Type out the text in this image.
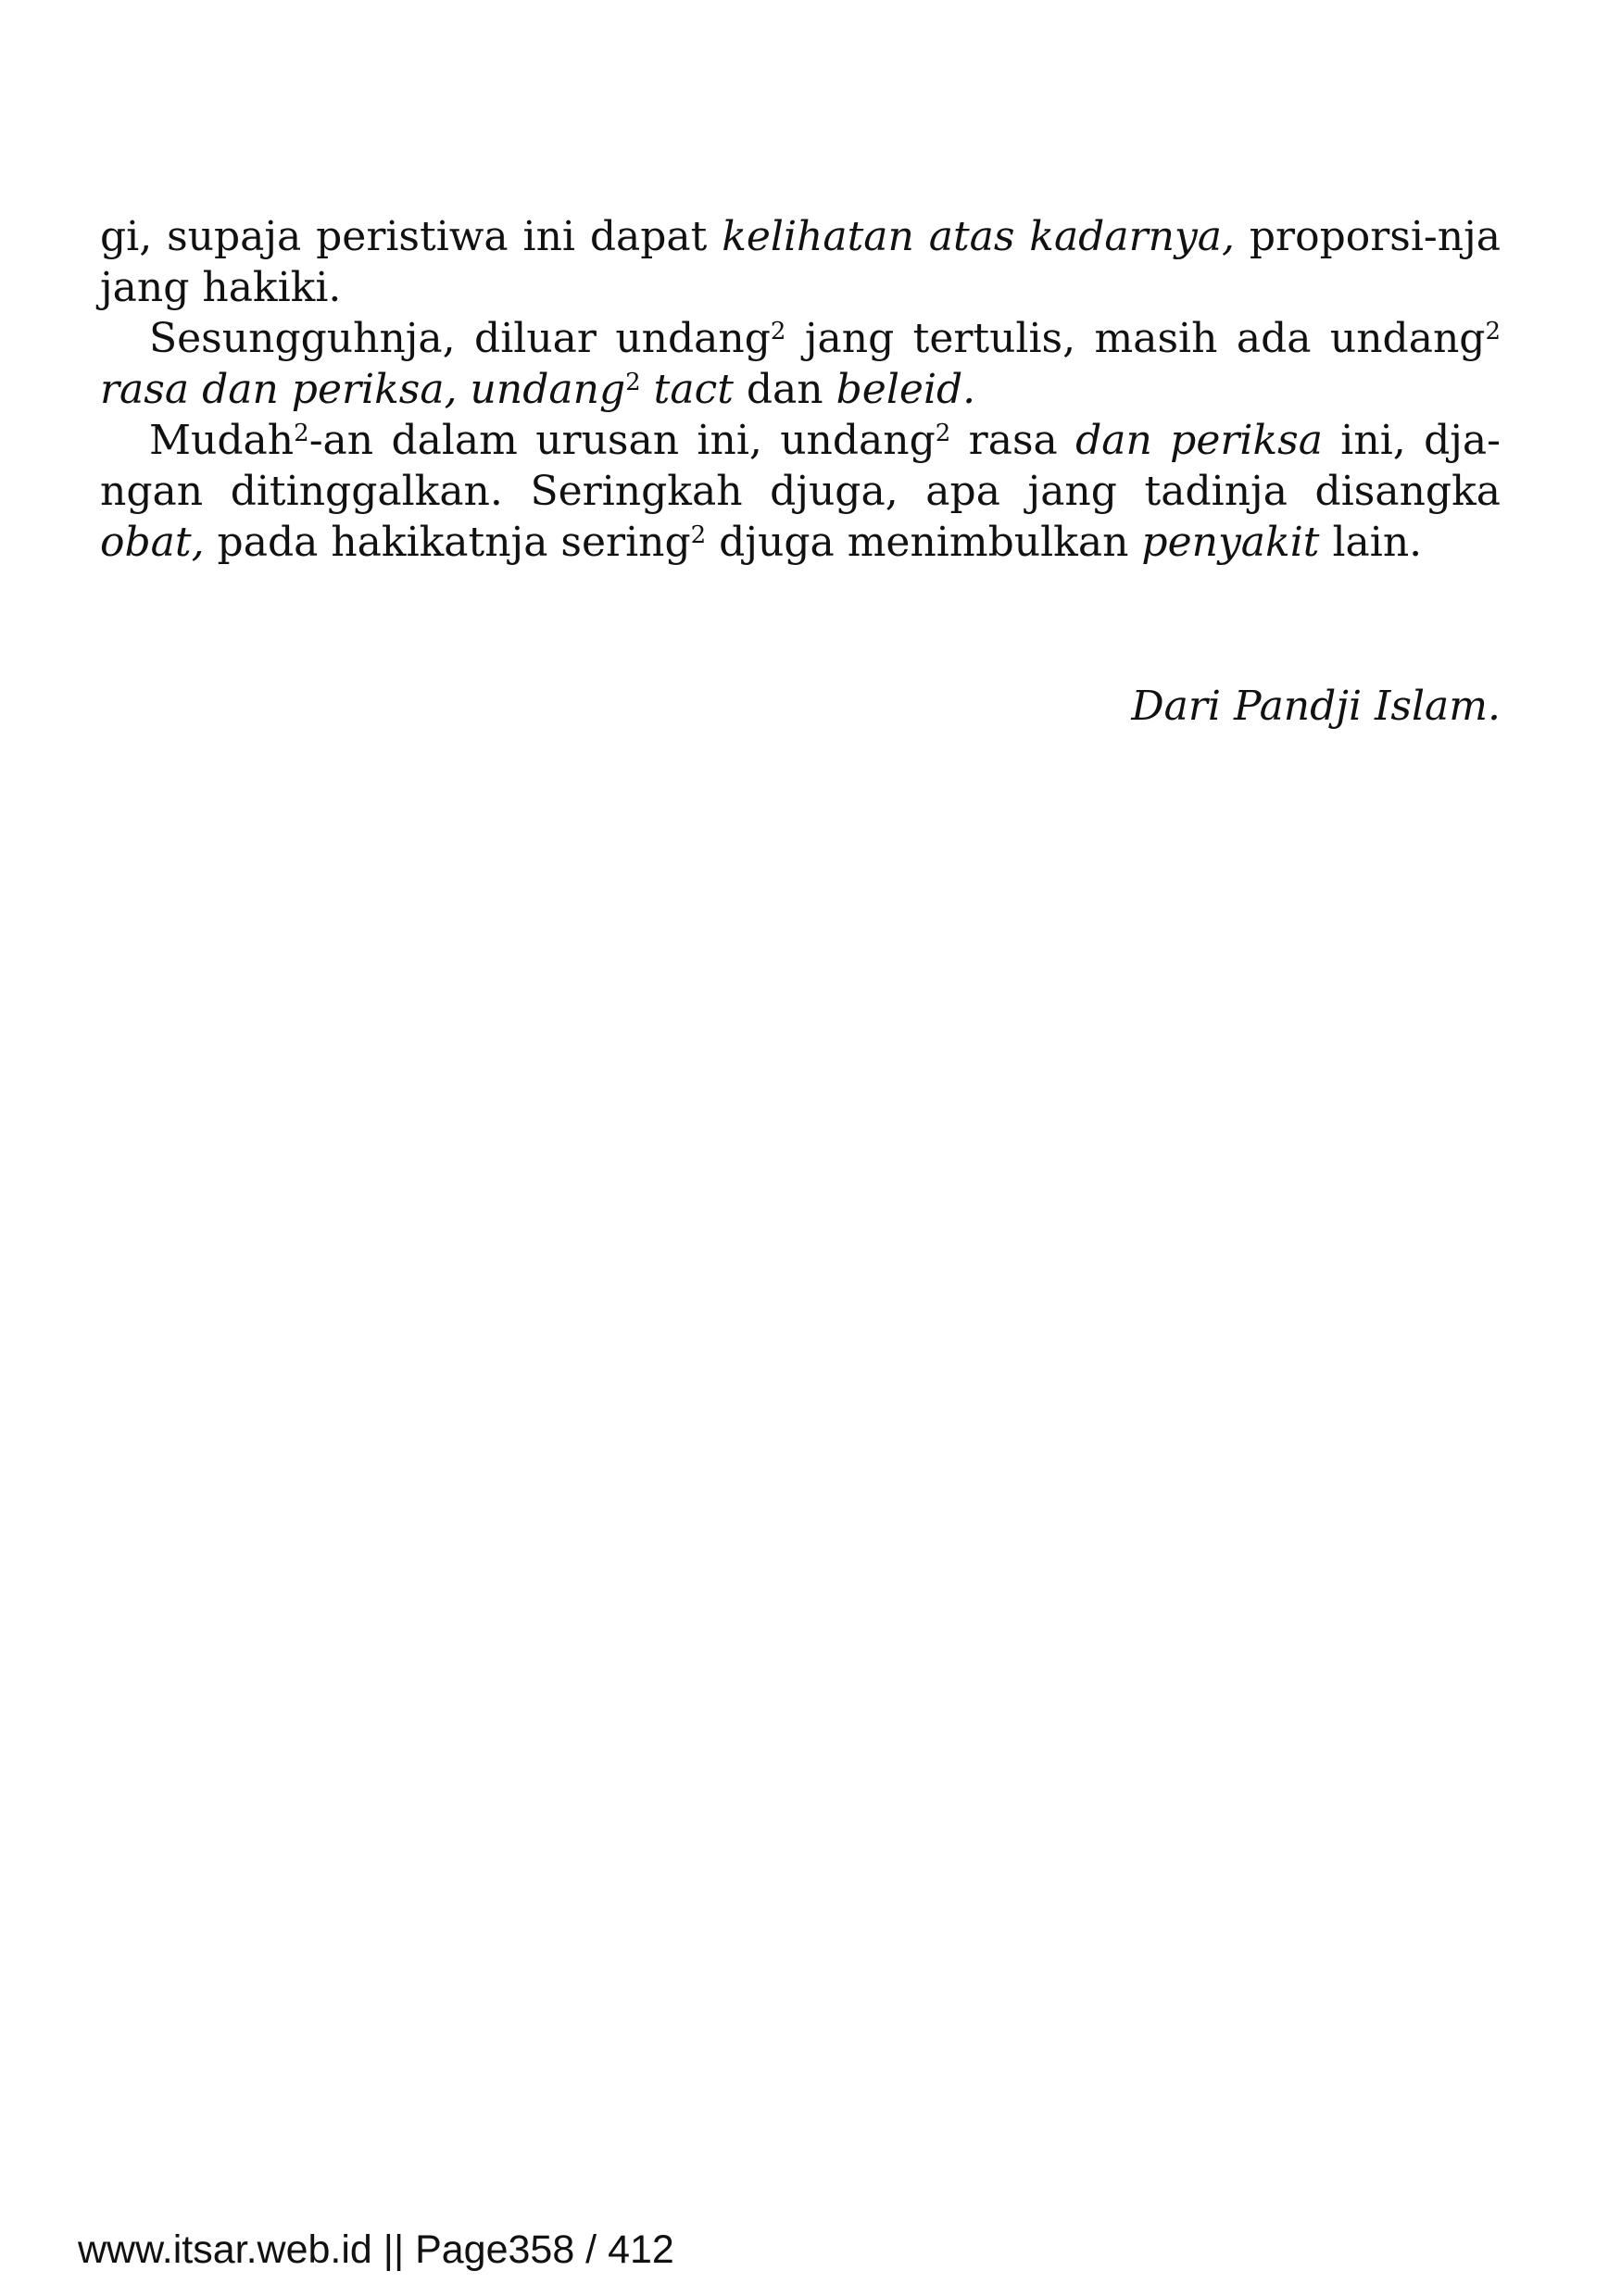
gi, supaja peristiwa ini dapat kelihatan atas kadarnya, proporsi-nja jang hakiki.

Sesungguhnja, diluar undang$^2$ jang tertulis, masih ada undang$^2$ rasa dan periksa, undang$^2$ tact dan beleid.

Mudah$^2$-an dalam urusan ini, undang$^2$ rasa dan periksa ini, dja-ngan ditinggalkan. Seringkah djuga, apa jang tadinja disangka obat, pada hakikatnja sering$^2$ djuga menimbulkan penyakit lain.

Dari Pandji Islam.
www.itsar.web.id || Page358 / 412
